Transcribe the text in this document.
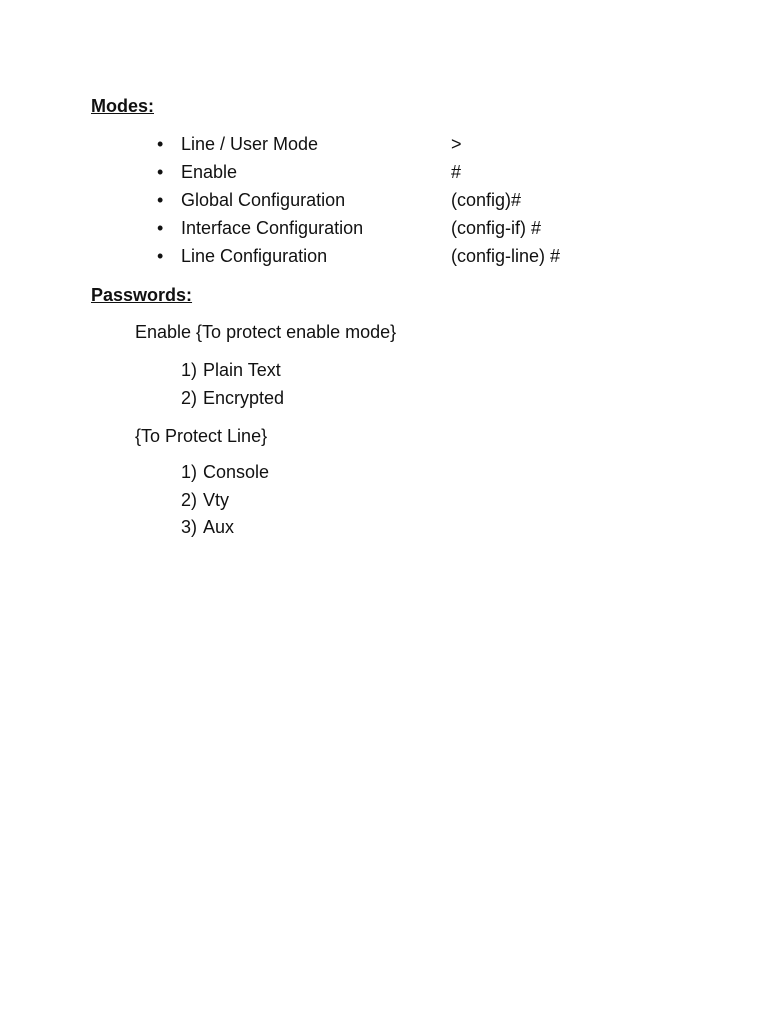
Modes:
• Line / User Mode	>
• Enable	#
• Global Configuration	(config)#
• Interface Configuration	(config-if) #
• Line Configuration	(config-line) #
Passwords:
Enable {To protect enable mode}
1) Plain Text
2) Encrypted
{To Protect Line}
1) Console
2) Vty
3) Aux
